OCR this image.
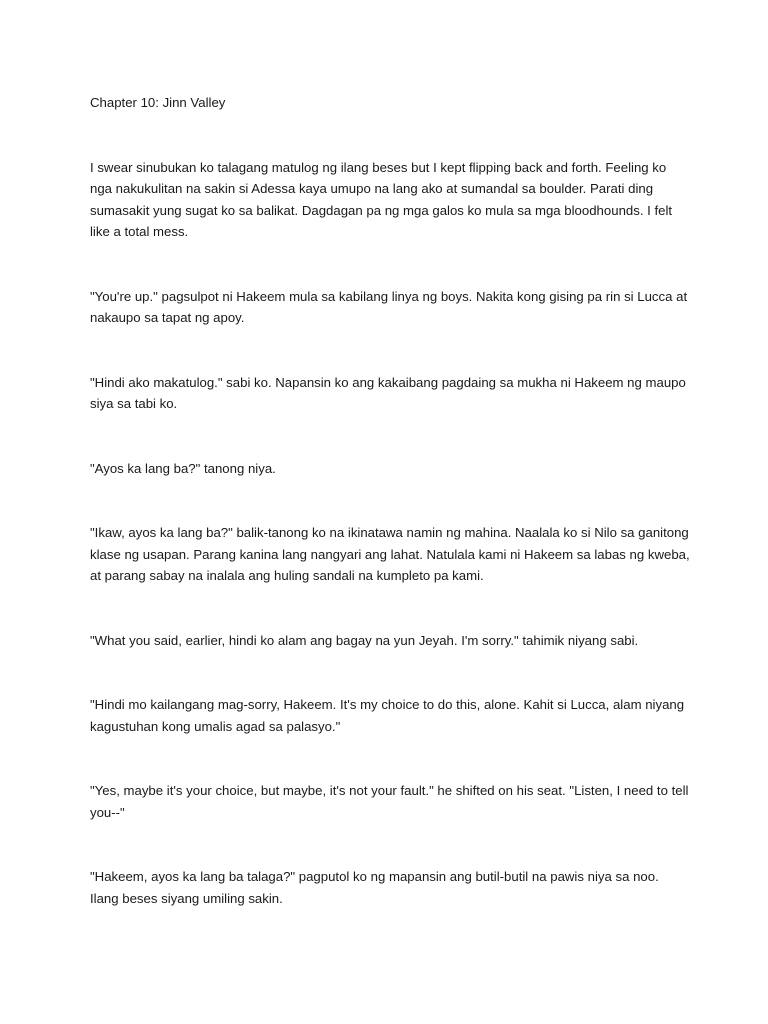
Chapter 10: Jinn Valley

I swear sinubukan ko talagang matulog ng ilang beses but I kept flipping back and forth. Feeling ko nga nakukulitan na sakin si Adessa kaya umupo na lang ako at sumandal sa boulder. Parati ding sumasakit yung sugat ko sa balikat. Dagdagan pa ng mga galos ko mula sa mga bloodhounds. I felt like a total mess.

"You're up." pagsulpot ni Hakeem mula sa kabilang linya ng boys. Nakita kong gising pa rin si Lucca at nakaupo sa tapat ng apoy.

"Hindi ako makatulog." sabi ko. Napansin ko ang kakaibang pagdaing sa mukha ni Hakeem ng maupo siya sa tabi ko.

"Ayos ka lang ba?" tanong niya.

"Ikaw, ayos ka lang ba?" balik-tanong ko na ikinatawa namin ng mahina. Naalala ko si Nilo sa ganitong klase ng usapan. Parang kanina lang nangyari ang lahat. Natulala kami ni Hakeem sa labas ng kweba, at parang sabay na inalala ang huling sandali na kumpleto pa kami.

"What you said, earlier, hindi ko alam ang bagay na yun Jeyah. I'm sorry." tahimik niyang sabi.

"Hindi mo kailangang mag-sorry, Hakeem. It's my choice to do this, alone. Kahit si Lucca, alam niyang kagustuhan kong umalis agad sa palasyo."

"Yes, maybe it's your choice, but maybe, it's not your fault." he shifted on his seat. "Listen, I need to tell you--"

"Hakeem, ayos ka lang ba talaga?" pagputol ko ng mapansin ang butil-butil na pawis niya sa noo. Ilang beses siyang umiling sakin.
